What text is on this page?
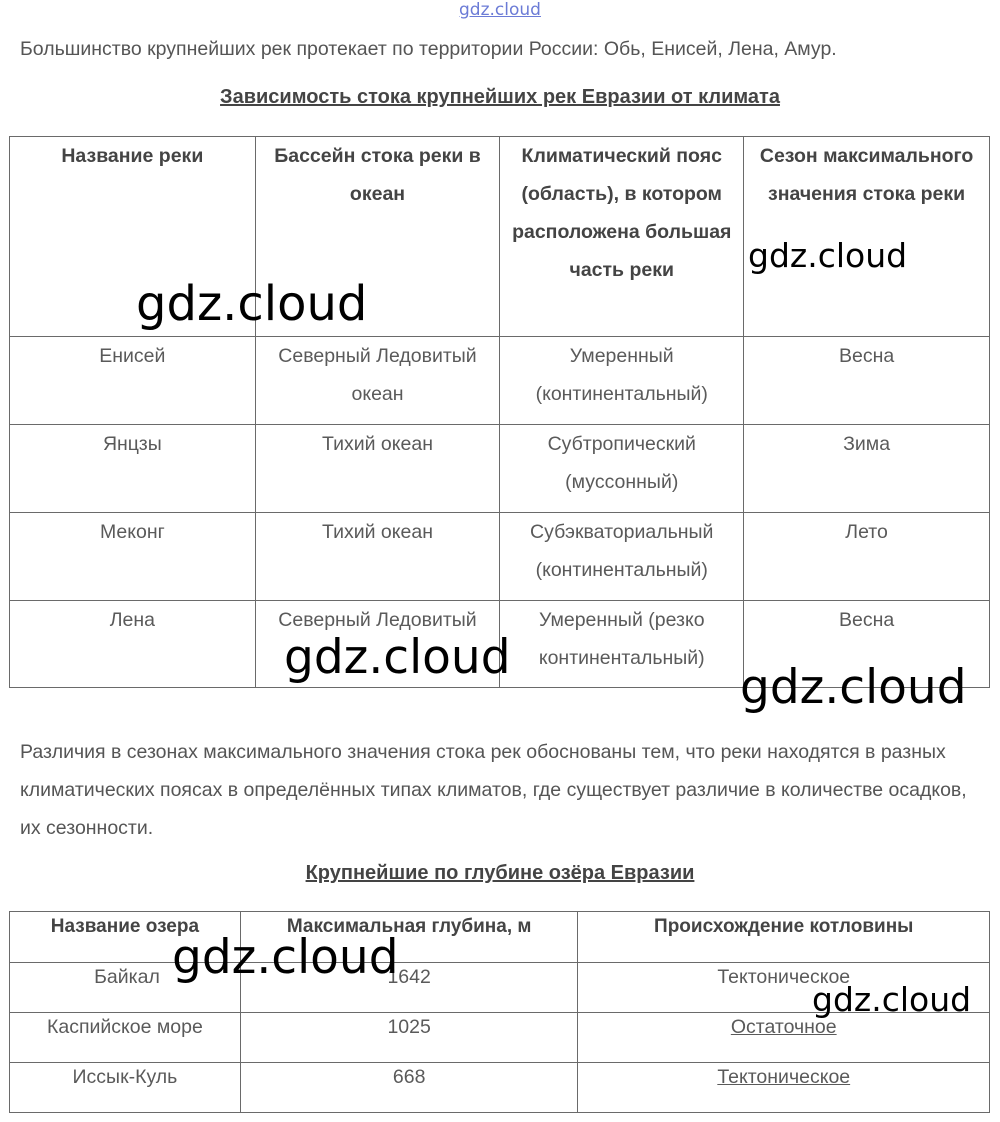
gdz.cloud

Большинство крупнейших рек протекает по территории России: Обь, Енисей, Лена, Амур.

Зависимость стока крупнейших рек Евразии от климата
Название реки	Бассейн стока реки в океан	Климатический пояс (область), в котором расположена большая часть реки	Сезон максимального значения стока реки

Енисей	Северный Ледовитый океан	Умеренный (континентальный)	Весна
Янцзы	Тихий океан	Субтропический (муссонный)	Зима
Меконг	Тихий океан	Субэкваториальный (континентальный)	Лето
Лена	Северный Ледовитый	Умеренный (резко континентальный)	Весна

Различия в сезонах максимального значения стока рек обоснованы тем, что реки находятся в разных климатических поясах в определённых типах климатов, где существует различие в количестве осадков, их сезонности.

Крупнейшие по глубине озёра Евразии
Название озера	Максимальная глубина, м	Происхождение котловины
Байкал	1642	Тектоническое
Каспийское море	1025	Остаточное
Иссык-Куль	668	Тектоническое
gdz.cloud
gdz.cloud
gdz.cloud
gdz.cloud
gdz.cloud
gdz.cloud
